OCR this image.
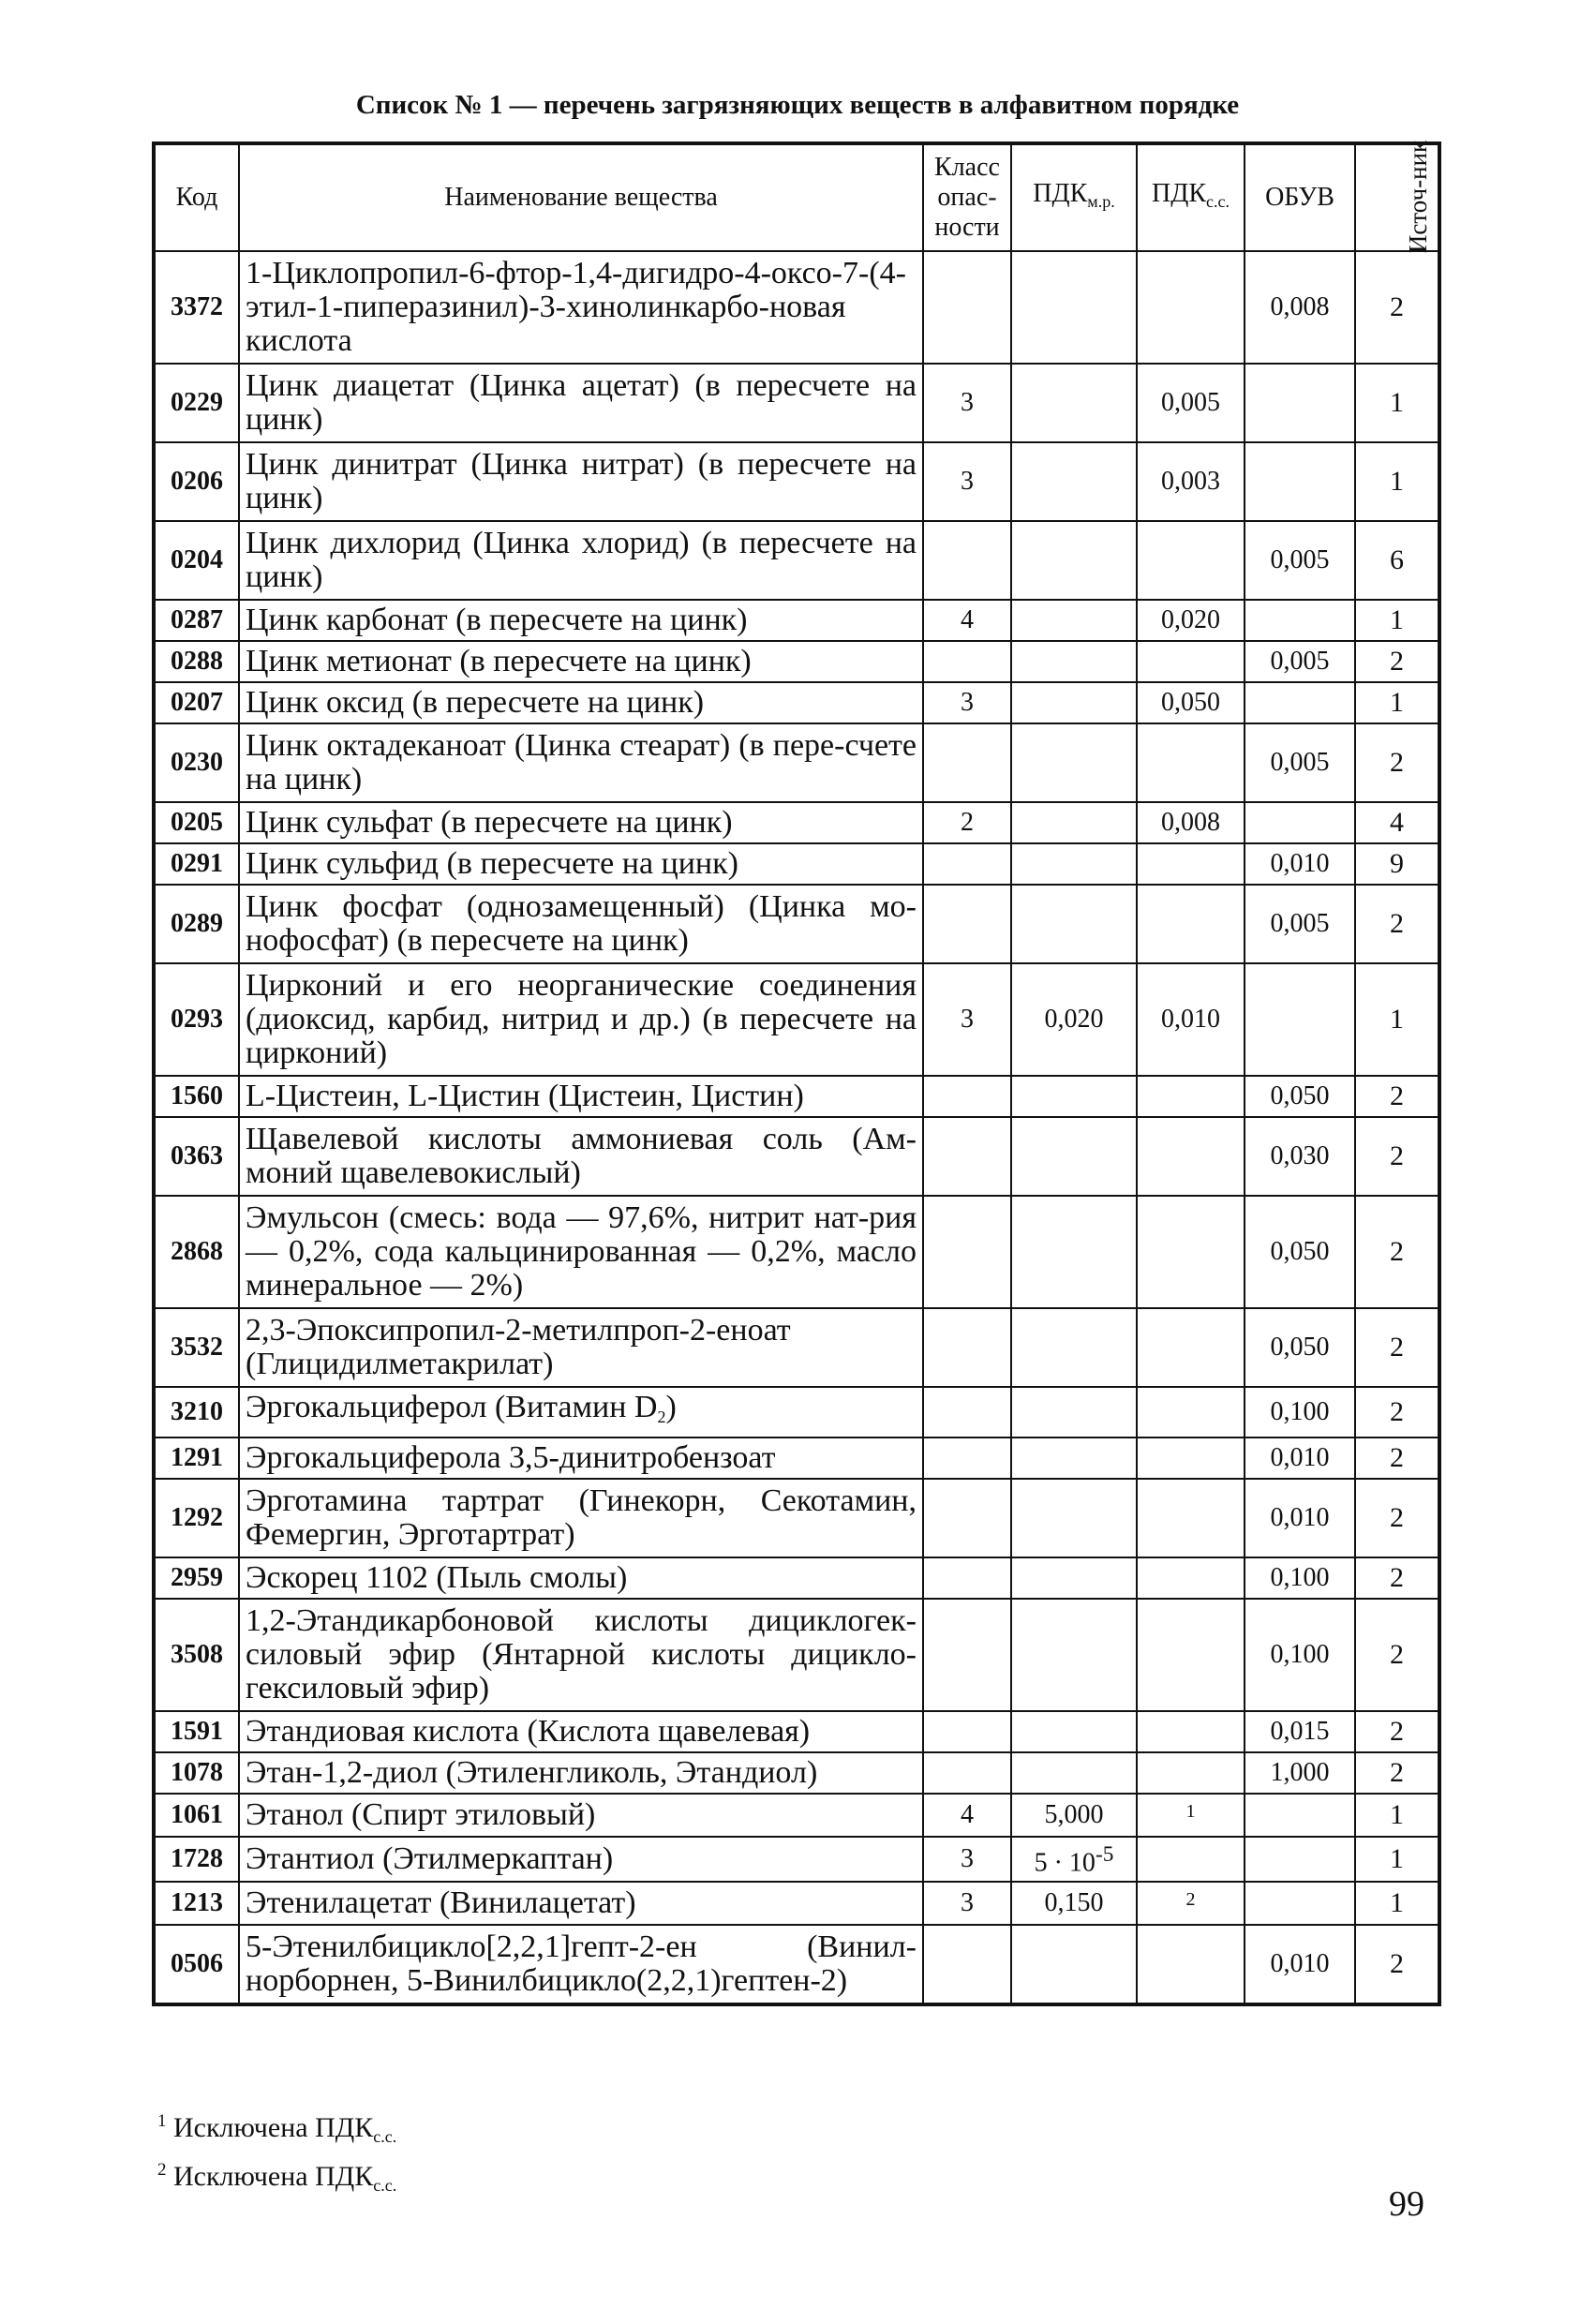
Список № 1 — перечень загрязняющих веществ в алфавитном порядке
Код	Наименование вещества	Класс опас-ности	$ПДК_{м.р.}$	$ПДК_{с.с.}$	ОБУВ	Источ-ник
3372	1-Циклопропил-6-фтор-1,4-дигидро-4-оксо-7-(4-этил-1-пиперазинил)-3-хинолинкарбо-новая кислота				0,008	2
0229	Цинк диацетат (Цинка ацетат) (в пересчете на цинк)	3		0,005		1
0206	Цинк динитрат (Цинка нитрат) (в пересчете на цинк)	3		0,003		1
0204	Цинк дихлорид (Цинка хлорид) (в пересчете на цинк)				0,005	6
0287	Цинк карбонат (в пересчете на цинк)	4		0,020		1
0288	Цинк метионат (в пересчете на цинк)				0,005	2
0207	Цинк оксид (в пересчете на цинк)	3		0,050		1
0230	Цинк октадеканоат (Цинка стеарат) (в пере-счете на цинк)				0,005	2
0205	Цинк сульфат (в пересчете на цинк)	2		0,008		4
0291	Цинк сульфид (в пересчете на цинк)				0,010	9
0289	Цинк фосфат (однозамещенный) (Цинка мо-нофосфат) (в пересчете на цинк)				0,005	2
0293	Цирконий и его неорганические соединения (диоксид, карбид, нитрид и др.) (в пересчете на цирконий)	3	0,020	0,010		1
1560	L-Цистеин, L-Цистин (Цистеин, Цистин)				0,050	2
0363	Щавелевой кислоты аммониевая соль (Ам-моний щавелевокислый)				0,030	2
2868	Эмульсон (смесь: вода — 97,6%, нитрит нат-рия — 0,2%, сода кальцинированная — 0,2%, масло минеральное — 2%)				0,050	2
3532	2,3-Эпоксипропил-2-метилпроп-2-еноат (Глицидилметакрилат)				0,050	2
3210	Эргокальциферол (Витамин $D_2$)				0,100	2
1291	Эргокальциферола 3,5-динитробензоат				0,010	2
1292	Эрготамина тартрат (Гинекорн, Секотамин, Фемергин, Эрготартрат)				0,010	2
2959	Эскорец 1102 (Пыль смолы)				0,100	2
3508	1,2-Этандикарбоновой кислоты дициклогек-силовый эфир (Янтарной кислоты дицикло-гексиловый эфир)				0,100	2
1591	Этандиовая кислота (Кислота щавелевая)				0,015	2
1078	Этан-1,2-диол (Этиленгликоль, Этандиол)				1,000	2
1061	Этанол (Спирт этиловый)	4	5,000	$^1$		1
1728	Этантиол (Этилмеркаптан)	3	$5 \cdot 10^{-5}$			1
1213	Этенилацетат (Винилацетат)	3	0,150	$^2$		1
0506	5-Этенилбицикло[2,2,1]гепт-2-ен (Винил-норборнен, 5-Винилбицикло(2,2,1)гептен-2)				0,010	2
$^1$ Исключена $ПДК_{с.с.}$
$^2$ Исключена $ПДК_{с.с.}$	99
